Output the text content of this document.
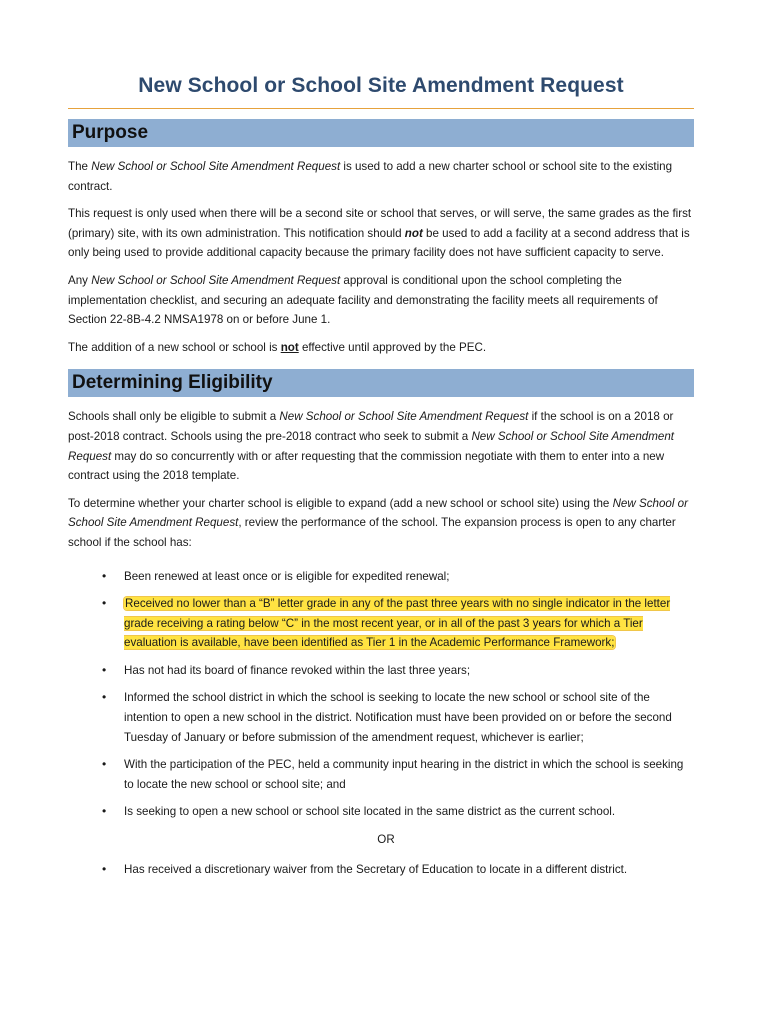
New School or School Site Amendment Request
Purpose

The New School or School Site Amendment Request is used to add a new charter school or school site to the existing contract.

This request is only used when there will be a second site or school that serves, or will serve, the same grades as the first (primary) site, with its own administration. This notification should not be used to add a facility at a second address that is only being used to provide additional capacity because the primary facility does not have sufficient capacity to serve.

Any New School or School Site Amendment Request approval is conditional upon the school completing the implementation checklist, and securing an adequate facility and demonstrating the facility meets all requirements of Section 22-8B-4.2 NMSA1978 on or before June 1.

The addition of a new school or school is not effective until approved by the PEC.

Determining Eligibility

Schools shall only be eligible to submit a New School or School Site Amendment Request if the school is on a 2018 or post-2018 contract. Schools using the pre-2018 contract who seek to submit a New School or School Site Amendment Request may do so concurrently with or after requesting that the commission negotiate with them to enter into a new contract using the 2018 template.

To determine whether your charter school is eligible to expand (add a new school or school site) using the New School or School Site Amendment Request, review the performance of the school. The expansion process is open to any charter school if the school has:

• Been renewed at least once or is eligible for expedited renewal;
• Received no lower than a “B” letter grade in any of the past three years with no single indicator in the letter grade receiving a rating below “C” in the most recent year, or in all of the past 3 years for which a Tier evaluation is available, have been identified as Tier 1 in the Academic Performance Framework;
• Has not had its board of finance revoked within the last three years;
• Informed the school district in which the school is seeking to locate the new school or school site of the intention to open a new school in the district. Notification must have been provided on or before the second Tuesday of January or before submission of the amendment request, whichever is earlier;
• With the participation of the PEC, held a community input hearing in the district in which the school is seeking to locate the new school or school site; and
• Is seeking to open a new school or school site located in the same district as the current school.
OR
• Has received a discretionary waiver from the Secretary of Education to locate in a different district.
